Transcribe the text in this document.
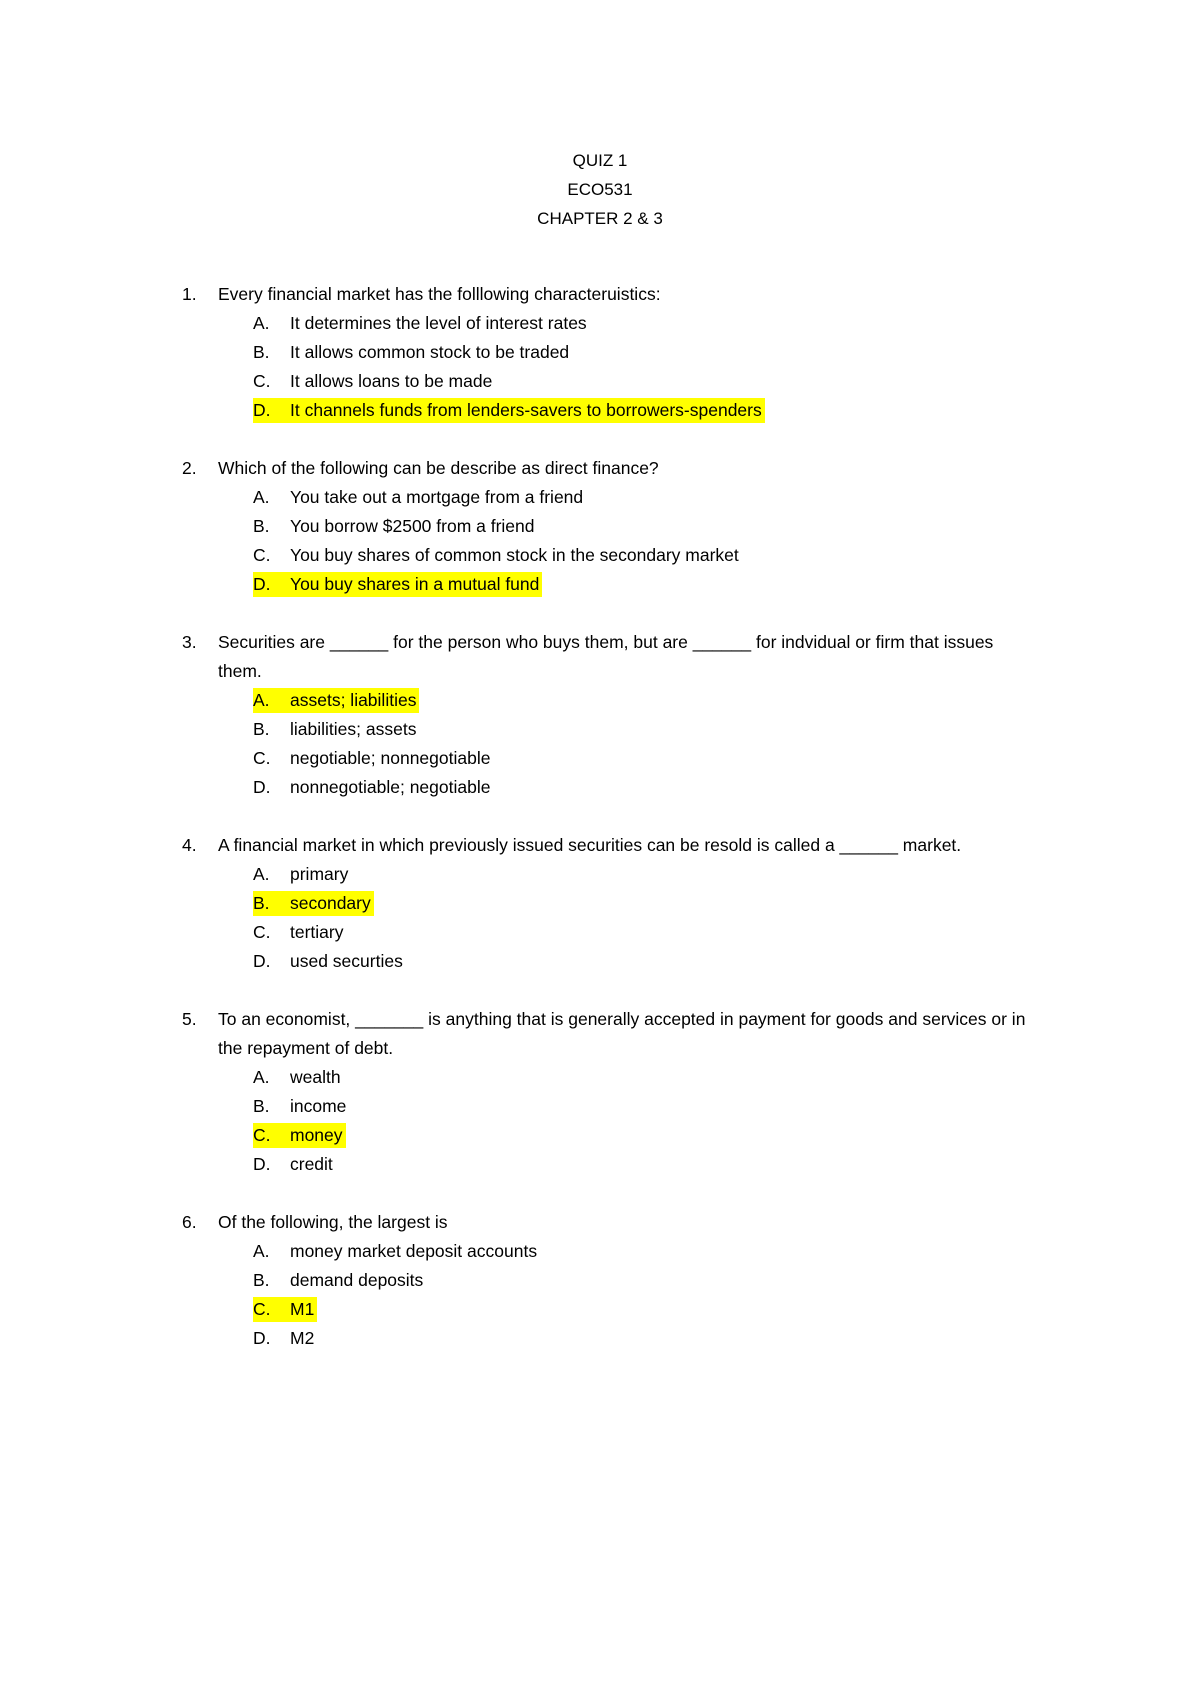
QUIZ 1
ECO531
CHAPTER 2 & 3
1. Every financial market has the folllowing characteruistics:
A. It determines the level of interest rates
B. It allows common stock to be traded
C. It allows loans to be made
D. It channels funds from lenders-savers to borrowers-spenders
2. Which of the following can be describe as direct finance?
A. You take out a mortgage from a friend
B. You borrow $2500 from a friend
C. You buy shares of common stock in the secondary market
D. You buy shares in a mutual fund
3. Securities are ______ for the person who buys them, but are ______ for indvidual or firm that issues them.
A. assets; liabilities
B. liabilities; assets
C. negotiable; nonnegotiable
D. nonnegotiable; negotiable
4. A financial market in which previously issued securities can be resold is called a ______ market.
A. primary
B. secondary
C. tertiary
D. used securties
5. To an economist, _______ is anything that is generally accepted in payment for goods and services or in the repayment of debt.
A. wealth
B. income
C. money
D. credit
6. Of the following, the largest is
A. money market deposit accounts
B. demand deposits
C. M1
D. M2
